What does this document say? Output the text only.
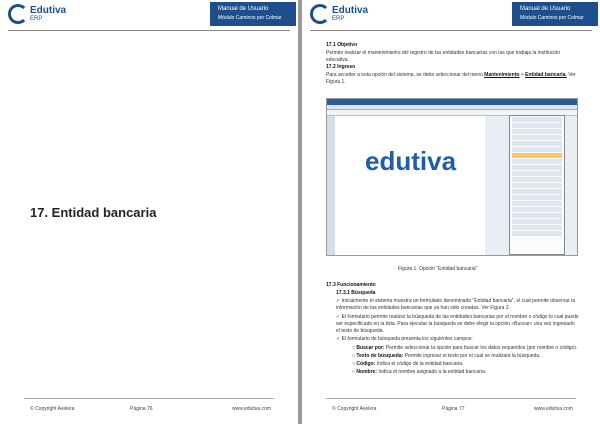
Edutiva
ERP
Manual de Usuario
Módulo Caminos por Colmar
17. Entidad bancaria
© Copyright Avelera	Página 76	www.edutiva.com
Edutiva
ERP
Manual de Usuario
Módulo Caminos por Colmar
17.1 Objetivo
Permite realizar el mantenimiento del registro de las entidades bancarias con las que trabaja la institución educativa.
17.2 Ingreso
Para acceder a esta opción del sistema, se debe seleccionar del menú Mantenimiento > Entidad bancaria. Ver Figura 1.
edutiva
Figura 1. Opción "Entidad bancaria"
17.3 Funcionamiento
17.3.1 Búsqueda
✓ Inicialmente el sistema muestra un formulario denominado "Entidad bancaria", el cual permite observar la información de las entidades bancarias que ya han sido creadas. Ver Figura 2.
✓ El formulario permite realizar la búsqueda de las entidades bancarias por el nombre o código lo cual puede ser especificado en la lista. Para ejecutar la búsqueda se debe elegir la opción «Buscar» una vez ingresado el texto de búsqueda.
✓ El formulario de búsqueda presenta los siguientes campos:
○ Buscar por: Permite seleccionar la opción para buscar los datos requeridos (por nombre o código).
○ Texto de búsqueda: Permite ingresar el texto por el cual se realizará la búsqueda.
○ Código: Indica el código de la entidad bancaria.
○ Nombre: Indica el nombre asignado a la entidad bancaria.
© Copyright Avelera	Página 77	www.edutiva.com
